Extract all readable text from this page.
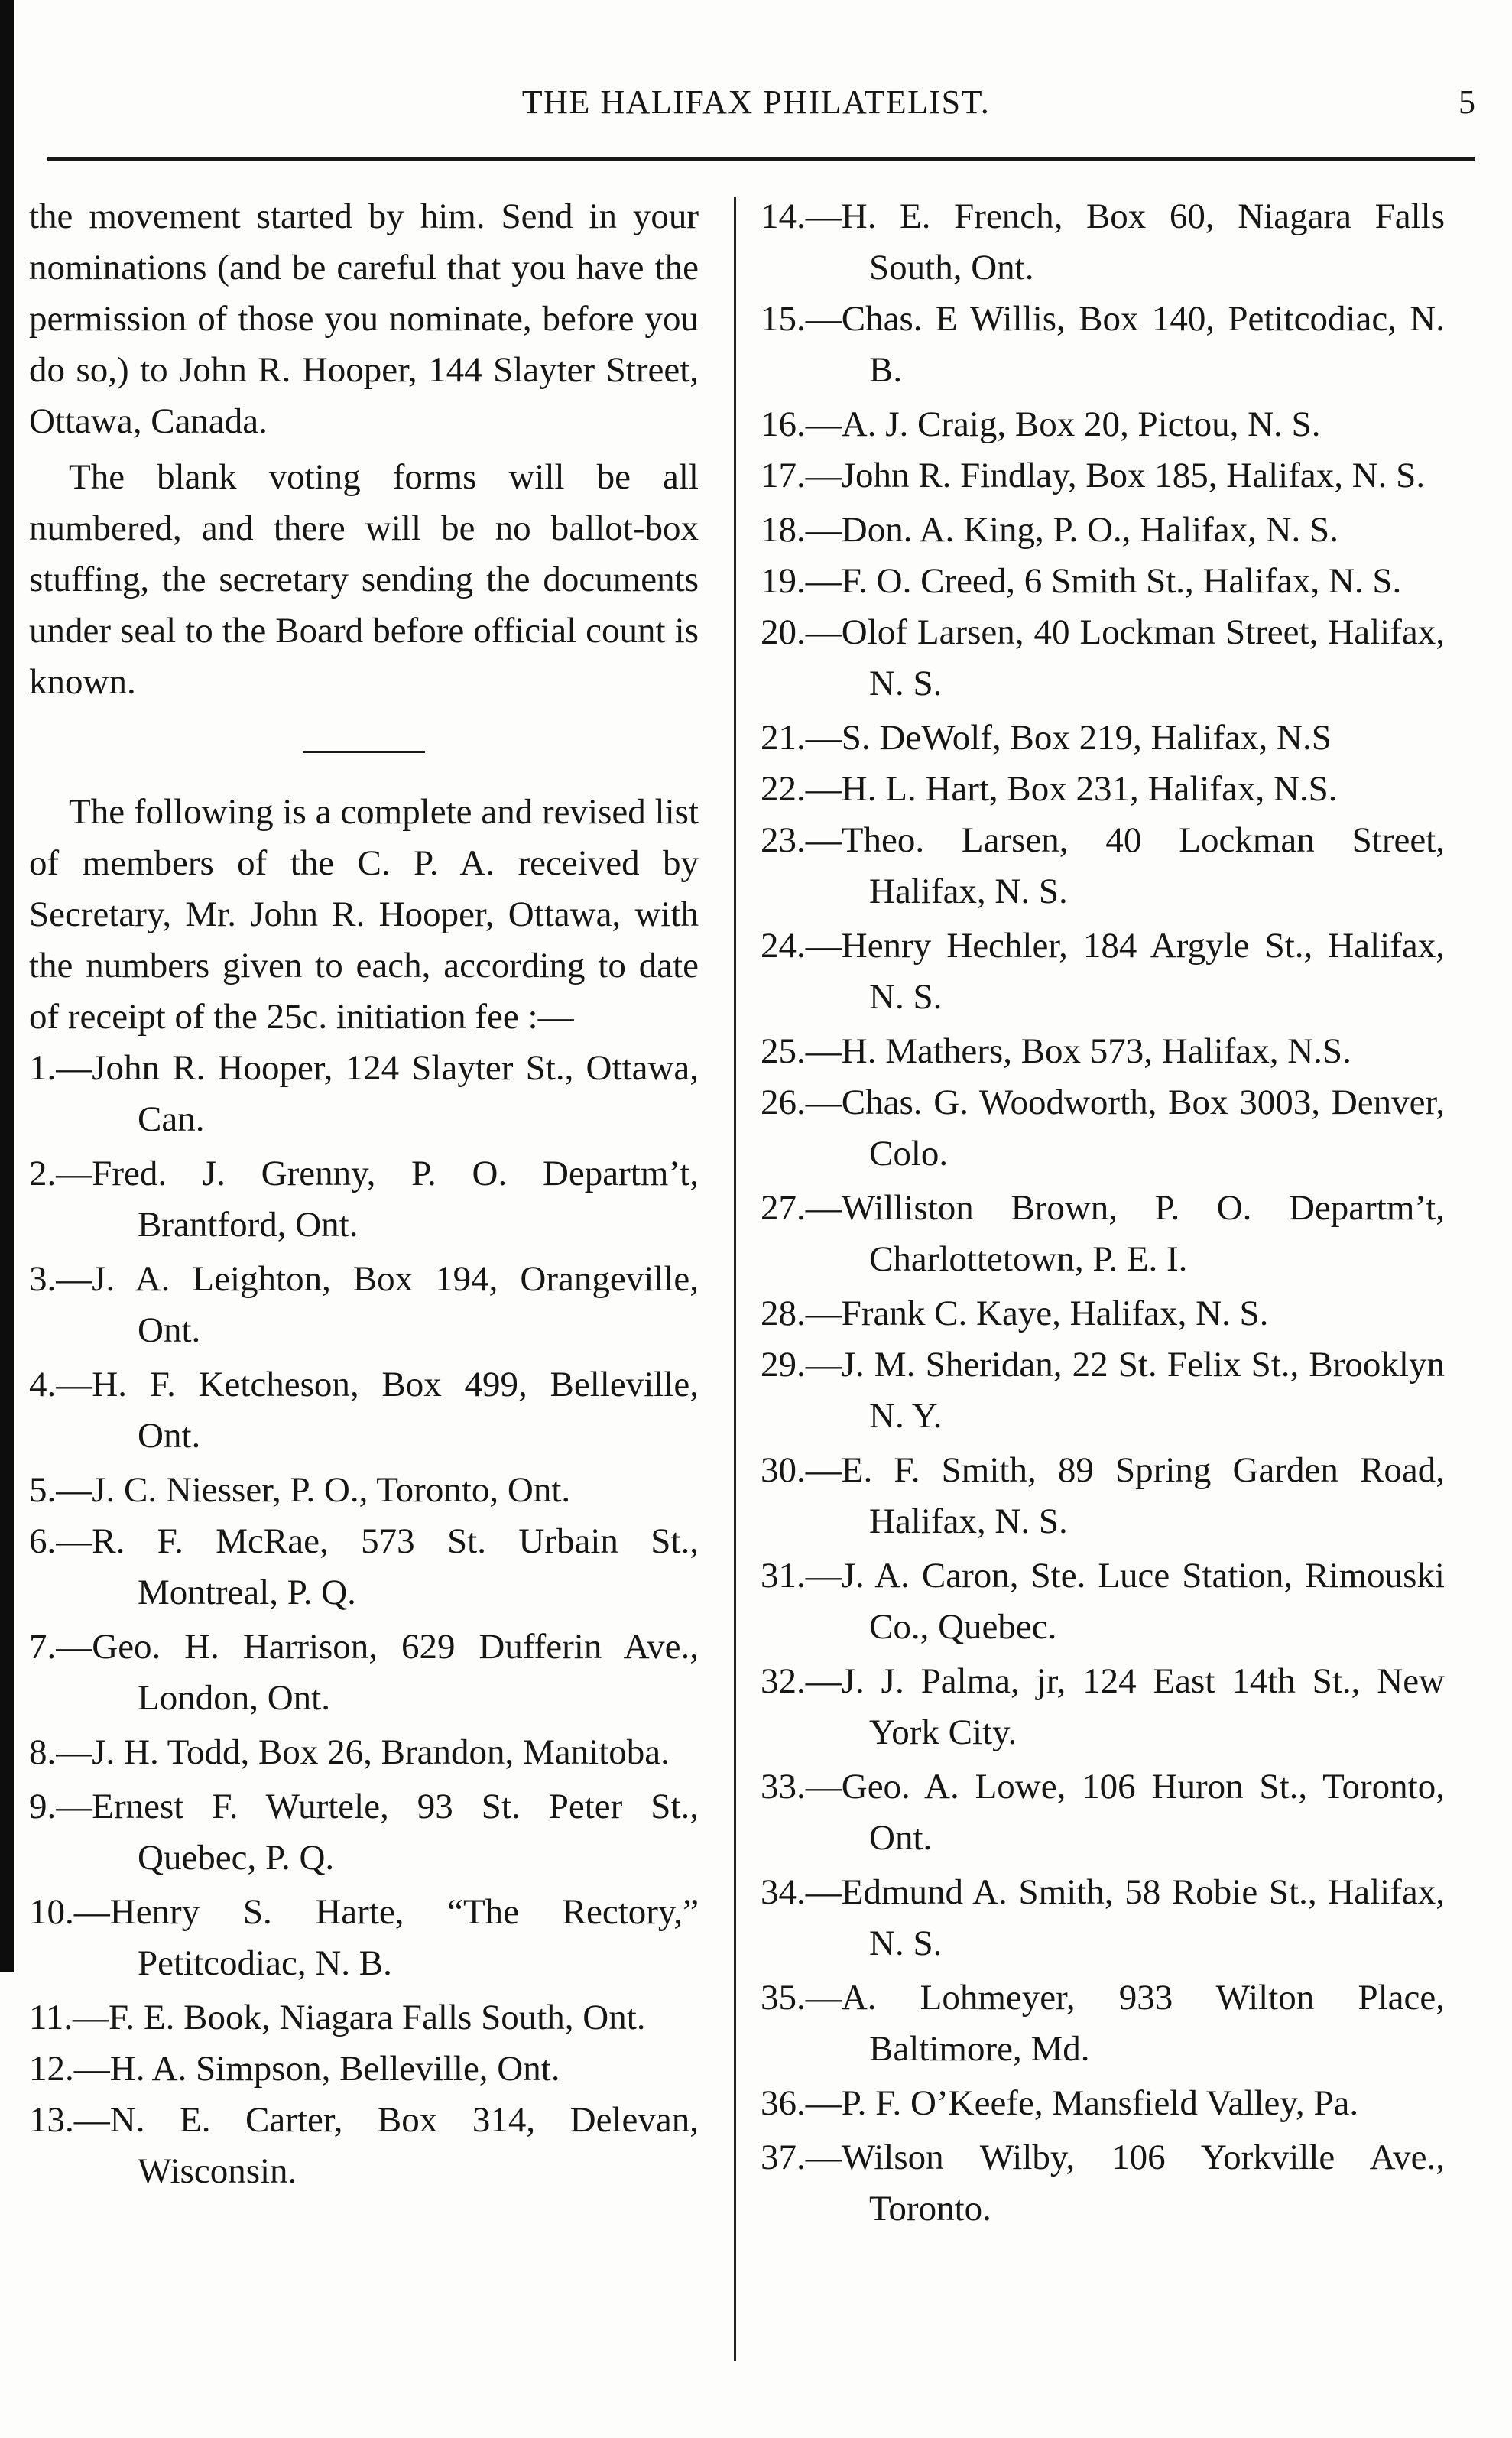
THE HALIFAX PHILATELIST.	5

the movement started by him. Send in your nominations (and be careful that you have the permission of those you nominate, before you do so,) to John R. Hooper, 144 Slayter Street, Ottawa, Canada.

The blank voting forms will be all numbered, and there will be no ballot-box stuffing, the secretary sending the documents under seal to the Board before official count is known.

The following is a complete and revised list of members of the C. P. A. received by Secretary, Mr. John R. Hooper, Ottawa, with the numbers given to each, according to date of receipt of the 25c. initiation fee :—

1.—John R. Hooper, 124 Slayter St., Ottawa, Can.

2.—Fred. J. Grenny, P. O. Departm’t, Brantford, Ont.

3.—J. A. Leighton, Box 194, Orangeville, Ont.

4.—H. F. Ketcheson, Box 499, Belleville, Ont.

5.—J. C. Niesser, P. O., Toronto, Ont.

6.—R. F. McRae, 573 St. Urbain St., Montreal, P. Q.

7.—Geo. H. Harrison, 629 Dufferin Ave., London, Ont.

8.—J. H. Todd, Box 26, Brandon, Manitoba.

9.—Ernest F. Wurtele, 93 St. Peter St., Quebec, P. Q.

10.—Henry S. Harte, “The Rectory,” Petitcodiac, N. B.

11.—F. E. Book, Niagara Falls South, Ont.

12.—H. A. Simpson, Belleville, Ont.

13.—N. E. Carter, Box 314, Delevan, Wisconsin.

14.—H. E. French, Box 60, Niagara Falls South, Ont.

15.—Chas. E Willis, Box 140, Petitcodiac, N. B.

16.—A. J. Craig, Box 20, Pictou, N. S.

17.—John R. Findlay, Box 185, Halifax, N. S.

18.—Don. A. King, P. O., Halifax, N. S.

19.—F. O. Creed, 6 Smith St., Halifax, N. S.

20.—Olof Larsen, 40 Lockman Street, Halifax, N. S.

21.—S. DeWolf, Box 219, Halifax, N.S

22.—H. L. Hart, Box 231, Halifax, N.S.

23.—Theo. Larsen, 40 Lockman Street, Halifax, N. S.

24.—Henry Hechler, 184 Argyle St., Halifax, N. S.

25.—H. Mathers, Box 573, Halifax, N.S.

26.—Chas. G. Woodworth, Box 3003, Denver, Colo.

27.—Williston Brown, P. O. Departm’t, Charlottetown, P. E. I.

28.—Frank C. Kaye, Halifax, N. S.

29.—J. M. Sheridan, 22 St. Felix St., Brooklyn N. Y.

30.—E. F. Smith, 89 Spring Garden Road, Halifax, N. S.

31.—J. A. Caron, Ste. Luce Station, Rimouski Co., Quebec.

32.—J. J. Palma, jr, 124 East 14th St., New York City.

33.—Geo. A. Lowe, 106 Huron St., Toronto, Ont.

34.—Edmund A. Smith, 58 Robie St., Halifax, N. S.

35.—A. Lohmeyer, 933 Wilton Place, Baltimore, Md.

36.—P. F. O’Keefe, Mansfield Valley, Pa.

37.—Wilson Wilby, 106 Yorkville Ave., Toronto.
